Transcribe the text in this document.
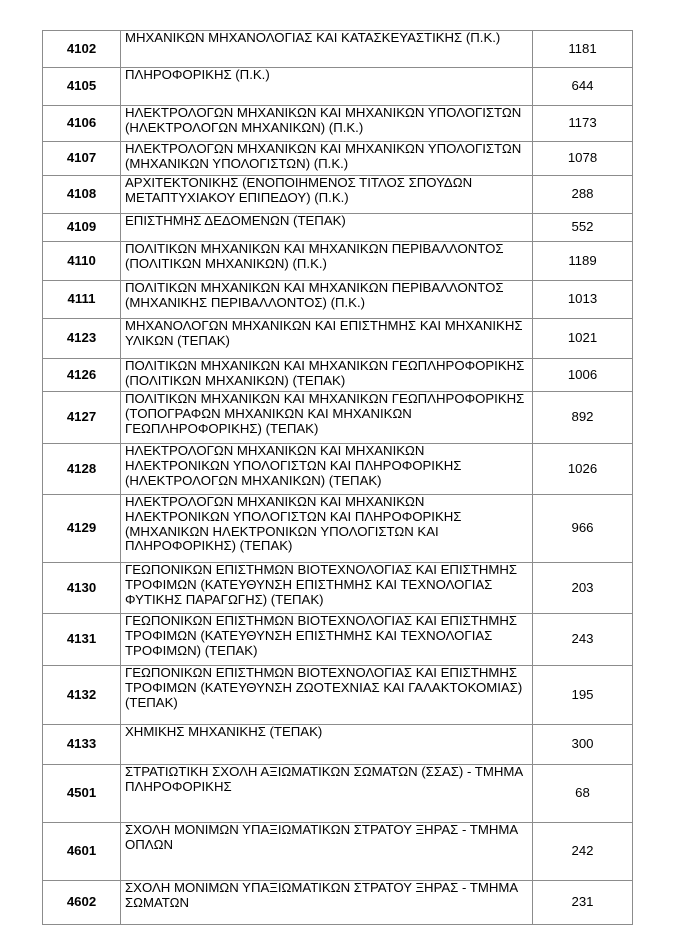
4102	ΜΗΧΑΝΙΚΩΝ ΜΗΧΑΝΟΛΟΓΙΑΣ ΚΑΙ ΚΑΤΑΣΚΕΥΑΣΤΙΚΗΣ (Π.Κ.)	1181
4105	ΠΛΗΡΟΦΟΡΙΚΗΣ (Π.Κ.)	644
4106	ΗΛΕΚΤΡΟΛΟΓΩΝ ΜΗΧΑΝΙΚΩΝ ΚΑΙ ΜΗΧΑΝΙΚΩΝ ΥΠΟΛΟΓΙΣΤΩΝ (ΗΛΕΚΤΡΟΛΟΓΩΝ ΜΗΧΑΝΙΚΩΝ) (Π.Κ.)	1173
4107	ΗΛΕΚΤΡΟΛΟΓΩΝ ΜΗΧΑΝΙΚΩΝ ΚΑΙ ΜΗΧΑΝΙΚΩΝ ΥΠΟΛΟΓΙΣΤΩΝ (ΜΗΧΑΝΙΚΩΝ ΥΠΟΛΟΓΙΣΤΩΝ) (Π.Κ.)	1078
4108	ΑΡΧΙΤΕΚΤΟΝΙΚΗΣ (ΕΝΟΠΟΙΗΜΕΝΟΣ ΤΙΤΛΟΣ ΣΠΟΥΔΩΝ ΜΕΤΑΠΤΥΧΙΑΚΟΥ ΕΠΙΠΕΔΟΥ) (Π.Κ.)	288
4109	ΕΠΙΣΤΗΜΗΣ ΔΕΔΟΜΕΝΩΝ (ΤΕΠΑΚ)	552
4110	ΠΟΛΙΤΙΚΩΝ ΜΗΧΑΝΙΚΩΝ ΚΑΙ ΜΗΧΑΝΙΚΩΝ ΠΕΡΙΒΑΛΛΟΝΤΟΣ (ΠΟΛΙΤΙΚΩΝ ΜΗΧΑΝΙΚΩΝ) (Π.Κ.)	1189
4111	ΠΟΛΙΤΙΚΩΝ ΜΗΧΑΝΙΚΩΝ ΚΑΙ ΜΗΧΑΝΙΚΩΝ ΠΕΡΙΒΑΛΛΟΝΤΟΣ (ΜΗΧΑΝΙΚΗΣ ΠΕΡΙΒΑΛΛΟΝΤΟΣ) (Π.Κ.)	1013
4123	ΜΗΧΑΝΟΛΟΓΩΝ ΜΗΧΑΝΙΚΩΝ ΚΑΙ ΕΠΙΣΤΗΜΗΣ ΚΑΙ ΜΗΧΑΝΙΚΗΣ ΥΛΙΚΩΝ (ΤΕΠΑΚ)	1021
4126	ΠΟΛΙΤΙΚΩΝ ΜΗΧΑΝΙΚΩΝ ΚΑΙ ΜΗΧΑΝΙΚΩΝ ΓΕΩΠΛΗΡΟΦΟΡΙΚΗΣ (ΠΟΛΙΤΙΚΩΝ ΜΗΧΑΝΙΚΩΝ) (ΤΕΠΑΚ)	1006
4127	ΠΟΛΙΤΙΚΩΝ ΜΗΧΑΝΙΚΩΝ ΚΑΙ ΜΗΧΑΝΙΚΩΝ ΓΕΩΠΛΗΡΟΦΟΡΙΚΗΣ (ΤΟΠΟΓΡΑΦΩΝ ΜΗΧΑΝΙΚΩΝ ΚΑΙ ΜΗΧΑΝΙΚΩΝ ΓΕΩΠΛΗΡΟΦΟΡΙΚΗΣ) (ΤΕΠΑΚ)	892
4128	ΗΛΕΚΤΡΟΛΟΓΩΝ ΜΗΧΑΝΙΚΩΝ ΚΑΙ ΜΗΧΑΝΙΚΩΝ ΗΛΕΚΤΡΟΝΙΚΩΝ ΥΠΟΛΟΓΙΣΤΩΝ ΚΑΙ ΠΛΗΡΟΦΟΡΙΚΗΣ (ΗΛΕΚΤΡΟΛΟΓΩΝ ΜΗΧΑΝΙΚΩΝ) (ΤΕΠΑΚ)	1026
4129	ΗΛΕΚΤΡΟΛΟΓΩΝ ΜΗΧΑΝΙΚΩΝ ΚΑΙ ΜΗΧΑΝΙΚΩΝ ΗΛΕΚΤΡΟΝΙΚΩΝ ΥΠΟΛΟΓΙΣΤΩΝ ΚΑΙ ΠΛΗΡΟΦΟΡΙΚΗΣ (ΜΗΧΑΝΙΚΩΝ ΗΛΕΚΤΡΟΝΙΚΩΝ ΥΠΟΛΟΓΙΣΤΩΝ ΚΑΙ ΠΛΗΡΟΦΟΡΙΚΗΣ) (ΤΕΠΑΚ)	966
4130	ΓΕΩΠΟΝΙΚΩΝ ΕΠΙΣΤΗΜΩΝ ΒΙΟΤΕΧΝΟΛΟΓΙΑΣ ΚΑΙ ΕΠΙΣΤΗΜΗΣ ΤΡΟΦΙΜΩΝ (ΚΑΤΕΥΘΥΝΣΗ ΕΠΙΣΤΗΜΗΣ ΚΑΙ ΤΕΧΝΟΛΟΓΙΑΣ ΦΥΤΙΚΗΣ ΠΑΡΑΓΩΓΗΣ) (ΤΕΠΑΚ)	203
4131	ΓΕΩΠΟΝΙΚΩΝ ΕΠΙΣΤΗΜΩΝ ΒΙΟΤΕΧΝΟΛΟΓΙΑΣ ΚΑΙ ΕΠΙΣΤΗΜΗΣ ΤΡΟΦΙΜΩΝ (ΚΑΤΕΥΘΥΝΣΗ ΕΠΙΣΤΗΜΗΣ ΚΑΙ ΤΕΧΝΟΛΟΓΙΑΣ ΤΡΟΦΙΜΩΝ) (ΤΕΠΑΚ)	243
4132	ΓΕΩΠΟΝΙΚΩΝ ΕΠΙΣΤΗΜΩΝ ΒΙΟΤΕΧΝΟΛΟΓΙΑΣ ΚΑΙ ΕΠΙΣΤΗΜΗΣ ΤΡΟΦΙΜΩΝ (ΚΑΤΕΥΘΥΝΣΗ ΖΩΟΤΕΧΝΙΑΣ ΚΑΙ ΓΑΛΑΚΤΟΚΟΜΙΑΣ) (ΤΕΠΑΚ)	195
4133	ΧΗΜΙΚΗΣ ΜΗΧΑΝΙΚΗΣ (ΤΕΠΑΚ)	300
4501	ΣΤΡΑΤΙΩΤΙΚΗ ΣΧΟΛΗ ΑΞΙΩΜΑΤΙΚΩΝ ΣΩΜΑΤΩΝ (ΣΣΑΣ) - ΤΜΗΜΑ ΠΛΗΡΟΦΟΡΙΚΗΣ	68
4601	ΣΧΟΛΗ ΜΟΝΙΜΩΝ ΥΠΑΞΙΩΜΑΤΙΚΩΝ ΣΤΡΑΤΟΥ ΞΗΡΑΣ - ΤΜΗΜΑ ΟΠΛΩΝ	242
4602	ΣΧΟΛΗ ΜΟΝΙΜΩΝ ΥΠΑΞΙΩΜΑΤΙΚΩΝ ΣΤΡΑΤΟΥ ΞΗΡΑΣ - ΤΜΗΜΑ ΣΩΜΑΤΩΝ	231
